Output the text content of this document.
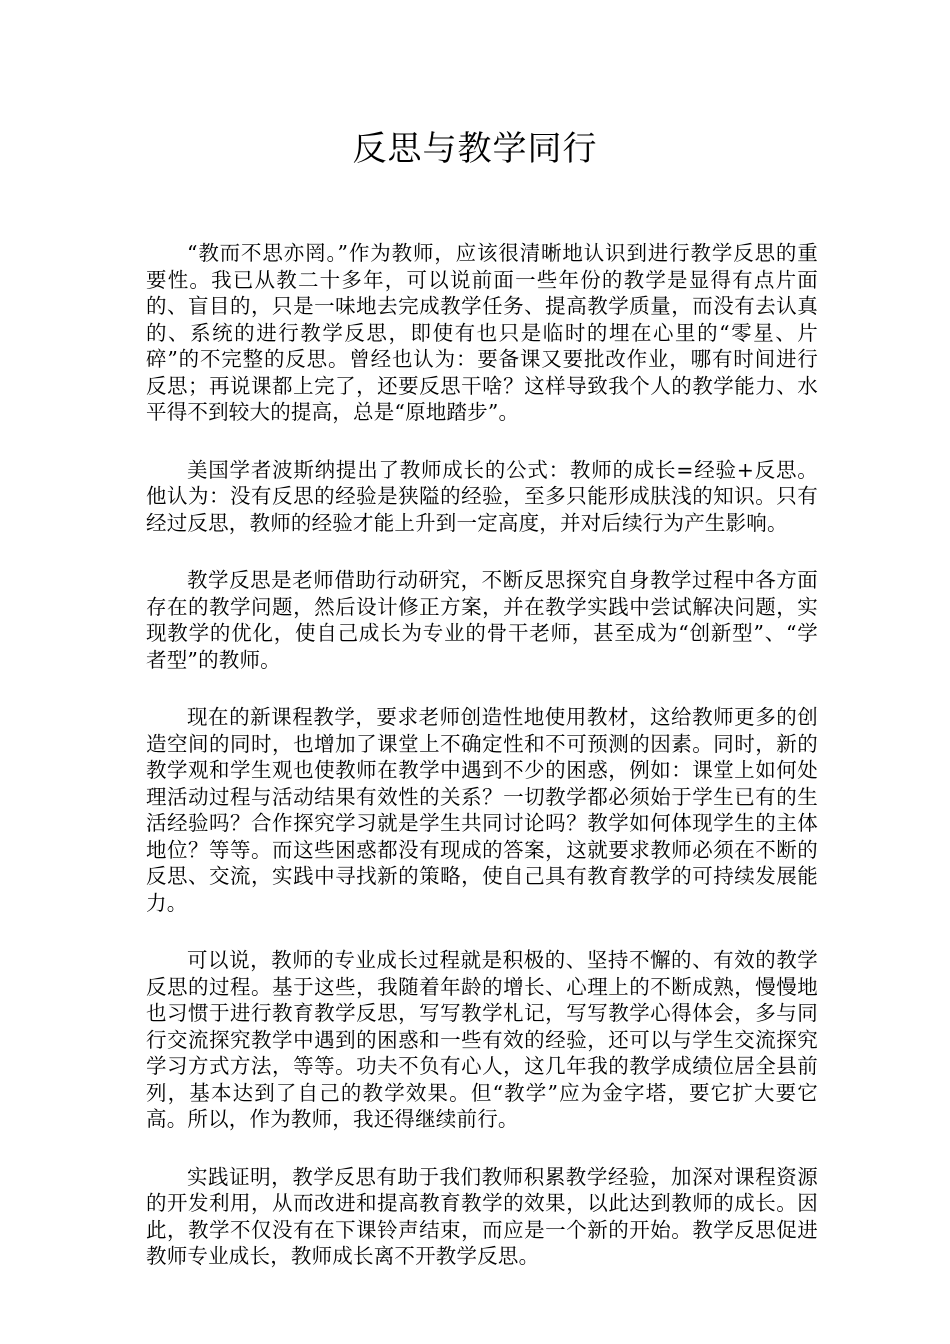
反思与教学同行

“教而不思亦罔。”作为教师，应该很清晰地认识到进行教学反思的重要性。我已从教二十多年，可以说前面一些年份的教学是显得有点片面的、盲目的，只是一味地去完成教学任务、提高教学质量，而没有去认真的、系统的进行教学反思，即使有也只是临时的埋在心里的“零星、片碎”的不完整的反思。曾经也认为：要备课又要批改作业，哪有时间进行反思；再说课都上完了，还要反思干啥？这样导致我个人的教学能力、水平得不到较大的提高，总是“原地踏步”。

美国学者波斯纳提出了教师成长的公式：教师的成长=经验+反思。他认为：没有反思的经验是狭隘的经验，至多只能形成肤浅的知识。只有经过反思，教师的经验才能上升到一定高度，并对后续行为产生影响。

教学反思是老师借助行动研究，不断反思探究自身教学过程中各方面存在的教学问题，然后设计修正方案，并在教学实践中尝试解决问题，实现教学的优化，使自己成长为专业的骨干老师，甚至成为“创新型”、“学者型”的教师。

现在的新课程教学，要求老师创造性地使用教材，这给教师更多的创造空间的同时，也增加了课堂上不确定性和不可预测的因素。同时，新的教学观和学生观也使教师在教学中遇到不少的困惑，例如：课堂上如何处理活动过程与活动结果有效性的关系？一切教学都必须始于学生已有的生活经验吗？合作探究学习就是学生共同讨论吗？教学如何体现学生的主体地位？等等。而这些困惑都没有现成的答案，这就要求教师必须在不断的反思、交流，实践中寻找新的策略，使自己具有教育教学的可持续发展能力。

可以说，教师的专业成长过程就是积极的、坚持不懈的、有效的教学反思的过程。基于这些，我随着年龄的增长、心理上的不断成熟，慢慢地也习惯于进行教育教学反思，写写教学札记，写写教学心得体会，多与同行交流探究教学中遇到的困惑和一些有效的经验，还可以与学生交流探究学习方式方法，等等。功夫不负有心人，这几年我的教学成绩位居全县前列，基本达到了自己的教学效果。但“教学”应为金字塔，要它扩大要它高。所以，作为教师，我还得继续前行。

实践证明，教学反思有助于我们教师积累教学经验，加深对课程资源的开发利用，从而改进和提高教育教学的效果，以此达到教师的成长。因此，教学不仅没有在下课铃声结束，而应是一个新的开始。教学反思促进教师专业成长，教师成长离不开教学反思。
